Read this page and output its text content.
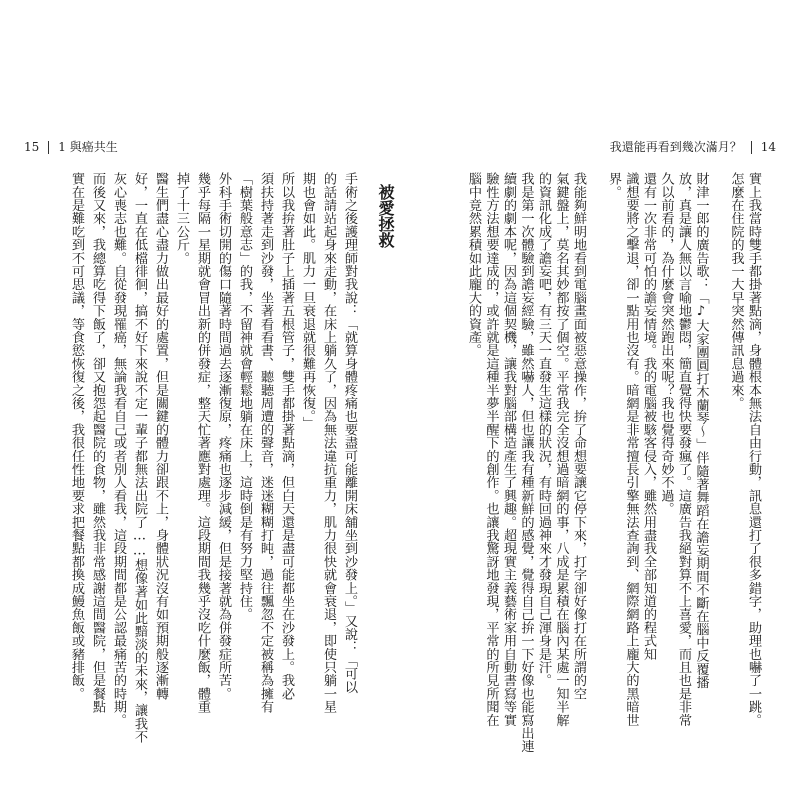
15 1 與癌共生	我還能再看到幾次滿月？ 14
被愛拯救
手術之後護理師對我說：「就算身體疼痛也要盡可能離開床舖坐到沙發上。」又說：「可以
的話請站起身來走動，在床上躺久了，因為無法違抗重力，肌力很快就會衰退，即使只躺一星
期也會如此。肌力一旦衰退就很難再恢復。」
所以我拚著肚子上插著五根管子，雙手都掛著點滴，但白天還是盡可能都坐在沙發上。我必
須扶持著走到沙發，坐著看看書、聽聽周遭的聲音，迷迷糊糊打盹，過往飄忽不定被稱為擁有
「樹葉般意志」的我，不留神就會輕鬆地躺在床上，這時倒是有努力堅持住。
外科手術切開的傷口隨著時間過去逐漸復原，疼痛也逐步減緩，但是接著就為併發症所苦。
幾乎每隔一星期就會冒出新的併發症，整天忙著應對處理。這段期間我幾乎沒吃什麼飯，體重
掉了十三公斤。
醫生們盡心盡力做出最好的處置，但是關鍵的體力卻跟不上，身體狀況沒有如預期般逐漸轉
好，一直在低檔徘徊，搞不好下來說不定一輩子都無法出院了……想像著如此黯淡的未來，讓我不
灰心喪志也難。自從發現罹癌，無論我看自己或者別人看我，這段期間都是公認最痛苦的時期。
而後又來，我總算吃得下飯了，卻又抱怨起醫院的食物，雖然我非常感謝這間醫院，但是餐點
實在是難吃到不可思議，等食慾恢復之後，我很任性地要求把餐點都換成鰻魚飯或豬排飯。	實上我當時雙手都掛著點滴，身體根本無法自由行動，訊息還打了很多錯字，助理也嚇了一跳。
怎麼在住院的我一大早突然傳訊息過來。
財津一郎的廣告歌：「♪大家團圓打木蘭琴～」伴隨著舞蹈在譫妄期間不斷在腦中反覆播
放，真是讓人無以言喻地鬱悶，簡直覺得快要發瘋了。這廣告我絕對算不上喜愛，而且也是非常
久以前看的，為什麼會突然跑出來呢？我也覺得奇妙不過。
還有一次非常可怕的譫妄情境。我的電腦被駭客侵入，雖然用盡我全部知道的程式知
識想要將之擊退，卻一點用也沒有。暗網是非常擅長引擎無法查詢到、網際網路上龐大的黑暗世
界。
我能夠鮮明地看到電腦畫面被惡意操作，拚了命想要讓它停下來，打字卻好像打在所謂的空
氣鍵盤上，莫名其妙都按了個空。平常我完全沒想過暗網的事，八成是累積在腦內某處一知半解
的資訊化成了譫妄吧，有三天一直發生這樣的狀況，有時回過神來才發現自己渾身是汗。
我是第一次體驗到譫妄經驗，雖然嚇人，但也讓我有種新鮮的感覺，覺得自己拚一下好像也能寫出連
續劇的劇本呢，因為這個契機，讓我對腦部構造產生了興趣。超現實主義藝術家用自動書寫等實
驗性方法想要達成的，或許就是這種半夢半醒下的創作。也讓我驚訝地發現，平常的所見所聞在
腦中竟然累積如此龐大的資產。
